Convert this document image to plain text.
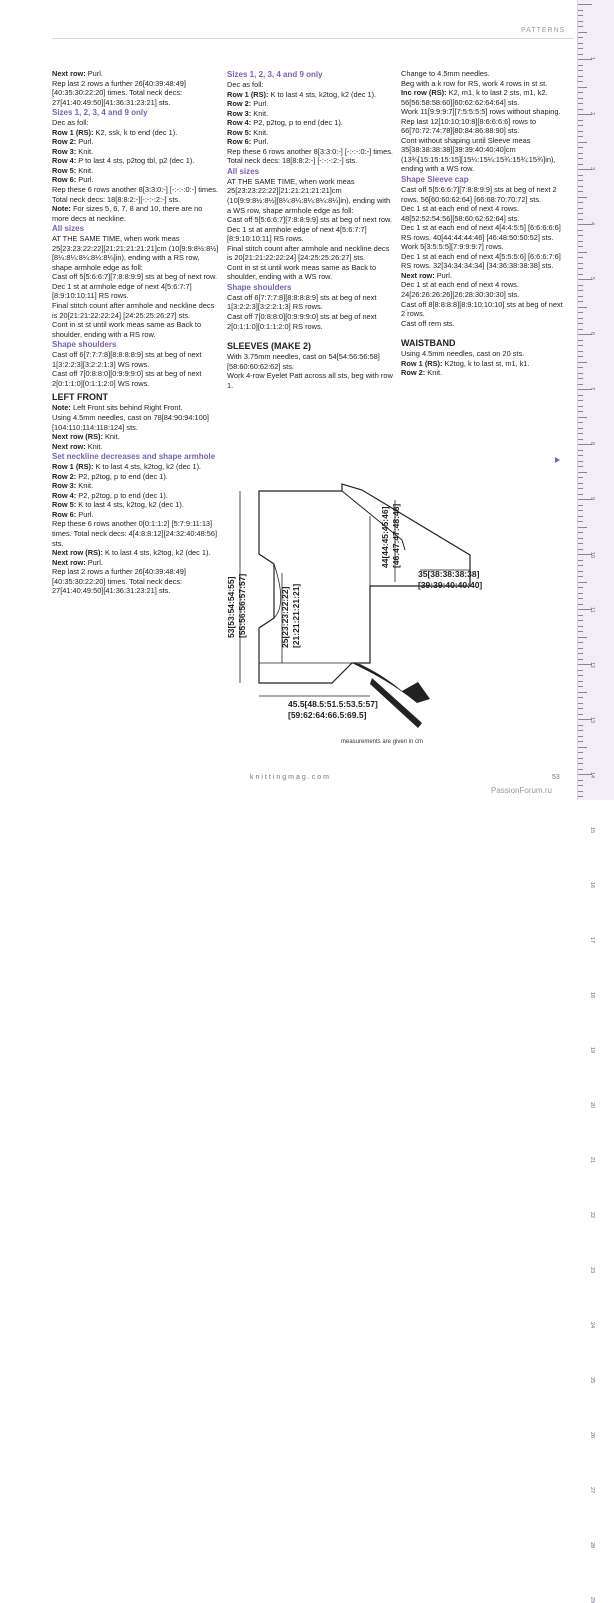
PATTERNS

Next row: Purl.

Rep last 2 rows a further 26[40:39:48:49] [40:35:30:22:20] times. Total neck decs: 27[41:40:49:50][41:36:31:23:21] sts.

Sizes 1, 2, 3, 4 and 9 only

Dec as foll:

Row 1 (RS): K2, ssk, k to end (dec 1).

Row 2: Purl.

Row 3: Knit.

Row 4: P to last 4 sts, p2tog tbl, p2 (dec 1).

Row 5: Knit.

Row 6: Purl.

Rep these 6 rows another 8[3:3:0:-] [-:-:-:0:-] times. Total neck decs: 18[8:8:2:-][-:-:-:2:-] sts.

Note: For sizes 5, 6, 7, 8 and 10, there are no more decs at neckline.

All sizes

AT THE SAME TIME, when work meas 25[23:23:22:22][21:21:21:21:21]cm (10[9:9:8½:8½][8¼:8¼:8¼:8¼:8¼]in), ending with a RS row, shape armhole edge as foll:

Cast off 5[5:6:6:7][7:8:8:9:9] sts at beg of next row.

Dec 1 st at armhole edge of next 4[5:6:7:7] [8:9:10:10:11] RS rows.

Final stitch count after armhole and neckline decs is 20[21:21:22:22:24] [24:25:25:26:27] sts.

Cont in st st until work meas same as Back to shoulder, ending with a RS row.

Shape shoulders

Cast off 6[7:7:7:8][8:8:8:8:9] sts at beg of next 1[3:2:2:3][3:2:2:1:3] WS rows.

Cast off 7[0:8:8:0][0:9:9:9:0] sts at beg of next 2[0:1:1:0][0:1:1:2:0] WS rows.

LEFT FRONT

Note: Left Front sits behind Right Front.

Using 4.5mm needles, cast on 78[84:90:94:100][104:110:114:118:124] sts.

Next row (RS): Knit.

Next row: Knit.

Set neckline decreases and shape armhole

Row 1 (RS): K to last 4 sts, k2tog, k2 (dec 1).

Row 2: P2, p2tog, p to end (dec 1).

Row 3: Knit.

Row 4: P2, p2tog, p to end (dec 1).

Row 5: K to last 4 sts, k2tog, k2 (dec 1).

Row 6: Purl.

Rep these 6 rows another 0[0:1:1:2] [5:7:9:11:13] times. Total neck decs: 4[4:8:8:12][24:32:40:48:56] sts.

Next row (RS): K to last 4 sts, k2tog, k2 (dec 1).

Next row: Purl.

Rep last 2 rows a further 26[40:39:48:49] [40:35:30:22:20] times. Total neck decs: 27[41:40:49:50][41:36:31:23:21] sts.

Sizes 1, 2, 3, 4 and 9 only

Dec as foll:

Row 1 (RS): K to last 4 sts, k2tog, k2 (dec 1).

Row 2: Purl.

Row 3: Knit.

Row 4: P2, p2tog, p to end (dec 1).

Row 5: Knit.

Row 6: Purl.

Rep these 6 rows another 8[3:3:0:-] [-:-:-:0:-] times. Total neck decs: 18[8:8:2:-] [-:-:-:2:-] sts.

All sizes

AT THE SAME TIME, when work meas 25[23:23:22:22][21:21:21:21:21]cm (10[9:9:8½:8½][8¼:8¼:8¼:8¼:8¼]in), ending with a WS row, shape armhole edge as foll:

Cast off 5[5:6:6:7][7:8:8:9:9] sts at beg of next row.

Dec 1 st at armhole edge of next 4[5:6:7:7][8:9:10:10:11] RS rows.

Final stitch count after armhole and neckline decs is 20[21:21:22:22:24] [24:25:25:26:27] sts.

Cont in st st until work meas same as Back to shoulder, ending with a WS row.

Shape shoulders

Cast off 6[7:7:7:8][8:8:8:8:9] sts at beg of next 1[3:2:2:3][3:2:2:1:3] RS rows.

Cast off 7[0:8:8:0][0:9:9:9:0] sts at beg of next 2[0:1:1:0][0:1:1:2:0] RS rows.

SLEEVES (MAKE 2)

With 3.75mm needles, cast on 54[54:56:56:58][58:60:60:62:62] sts.

Work 4-row Eyelet Patt across all sts, beg with row 1.

Change to 4.5mm needles.

Beg with a k row for RS, work 4 rows in st st.

Inc row (RS): K2, m1, k to last 2 sts, m1, k2. 56[56:58:58:60][60:62:62:64:64] sts.

Work 11[9:9:9:7][7:5:5:5:5] rows without shaping.

Rep last 12[10:10:10:8][8:6:6:6:6] rows to 66[70:72:74:78][80:84:86:88:90] sts.

Cont without shaping until Sleeve meas 35[38:38:38:38][39:39:40:40:40]cm (13¾[15:15:15:15][15¼:15¼:15¾:15¾:15¾]in), ending with a WS row.

Shape Sleeve cap

Cast off 5[5:6:6:7][7:8:8:9:9] sts at beg of next 2 rows. 56[60:60:62:64] [66:68:70:70:72] sts.

Dec 1 st at each end of next 4 rows. 48[52:52:54:56][58:60:62:62:64] sts.

Dec 1 st at each end of next 4[4:4:5:5] [6:6:6:6:6] RS rows. 40[44:44:44:46] [46:48:50:50:52] sts.

Work 5[3:5:5:5][7:9:9:9:7] rows.

Dec 1 st at each end of next 4[5:5:5:6] [6:6:6:7:6] RS rows. 32[34:34:34:34] [34:36:38:38:38] sts.

Next row: Purl.

Dec 1 st at each end of next 4 rows. 24[26:26:26:26][26:28:30:30:30] sts.

Cast off 8[8:8:8:8][8:9:10:10:10] sts at beg of next 2 rows.

Cast off rem sts.

WAISTBAND

Using 4.5mm needles, cast on 20 sts.

Row 1 (RS): K2tog, k to last st, m1, k1.

Row 2: Knit.

53[53:54:54:55] [55:56:56:57:57]	25[23:23:22:22] [21:21:21:21:21]
44[44:45:45:46] [46:47:47:48:48]
35[38:38:38:38]
[39:39:40:40:40]
45.5[48.5:51.5:53.5:57]
[59:62:64:66.5:69.5]
measurements are given in cm
knittingmag.com	53
PassionForum.ru
1
2
3
4
5
6
7
8
9
10
11
12
13
14
15
16
17
18
19
20
21
22
23
24
25
26
27
28
29
